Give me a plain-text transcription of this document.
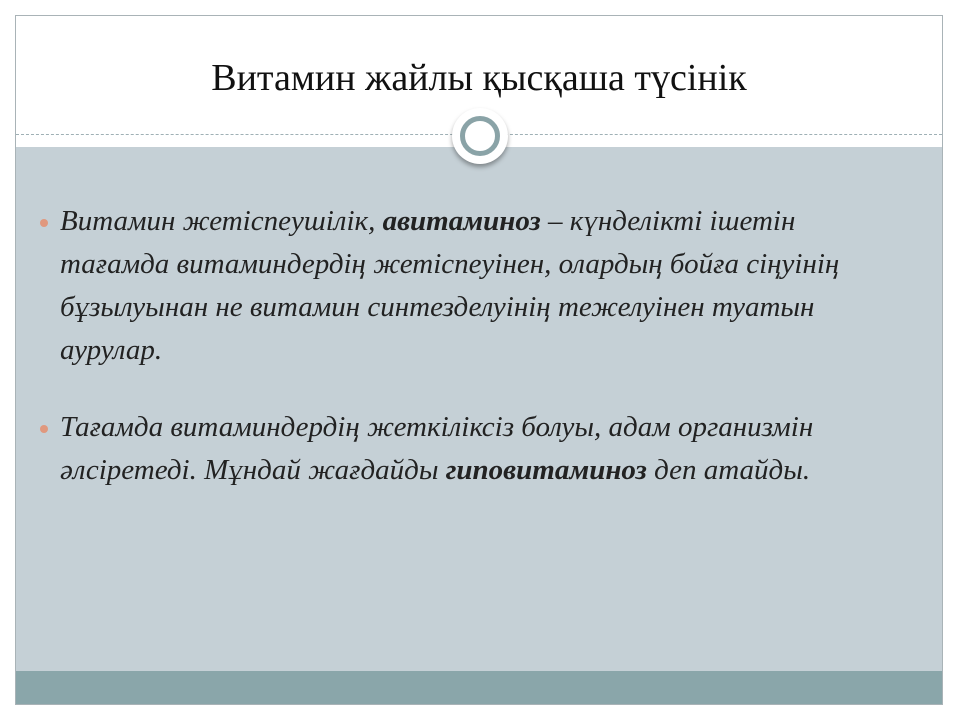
Витамин жайлы қысқаша түсінік
Витамин жетіспеушілік, авитаминоз – күнделікті ішетін тағамда витаминдердің жетіспеуінен, олардың бойға сіңуінің бұзылуынан не витамин синтезделуінің тежелуінен туатын аурулар.
Тағамда витаминдердің жеткіліксіз болуы, адам организмін әлсіретеді. Мұндай жағдайды гиповитаминоз деп атайды.
